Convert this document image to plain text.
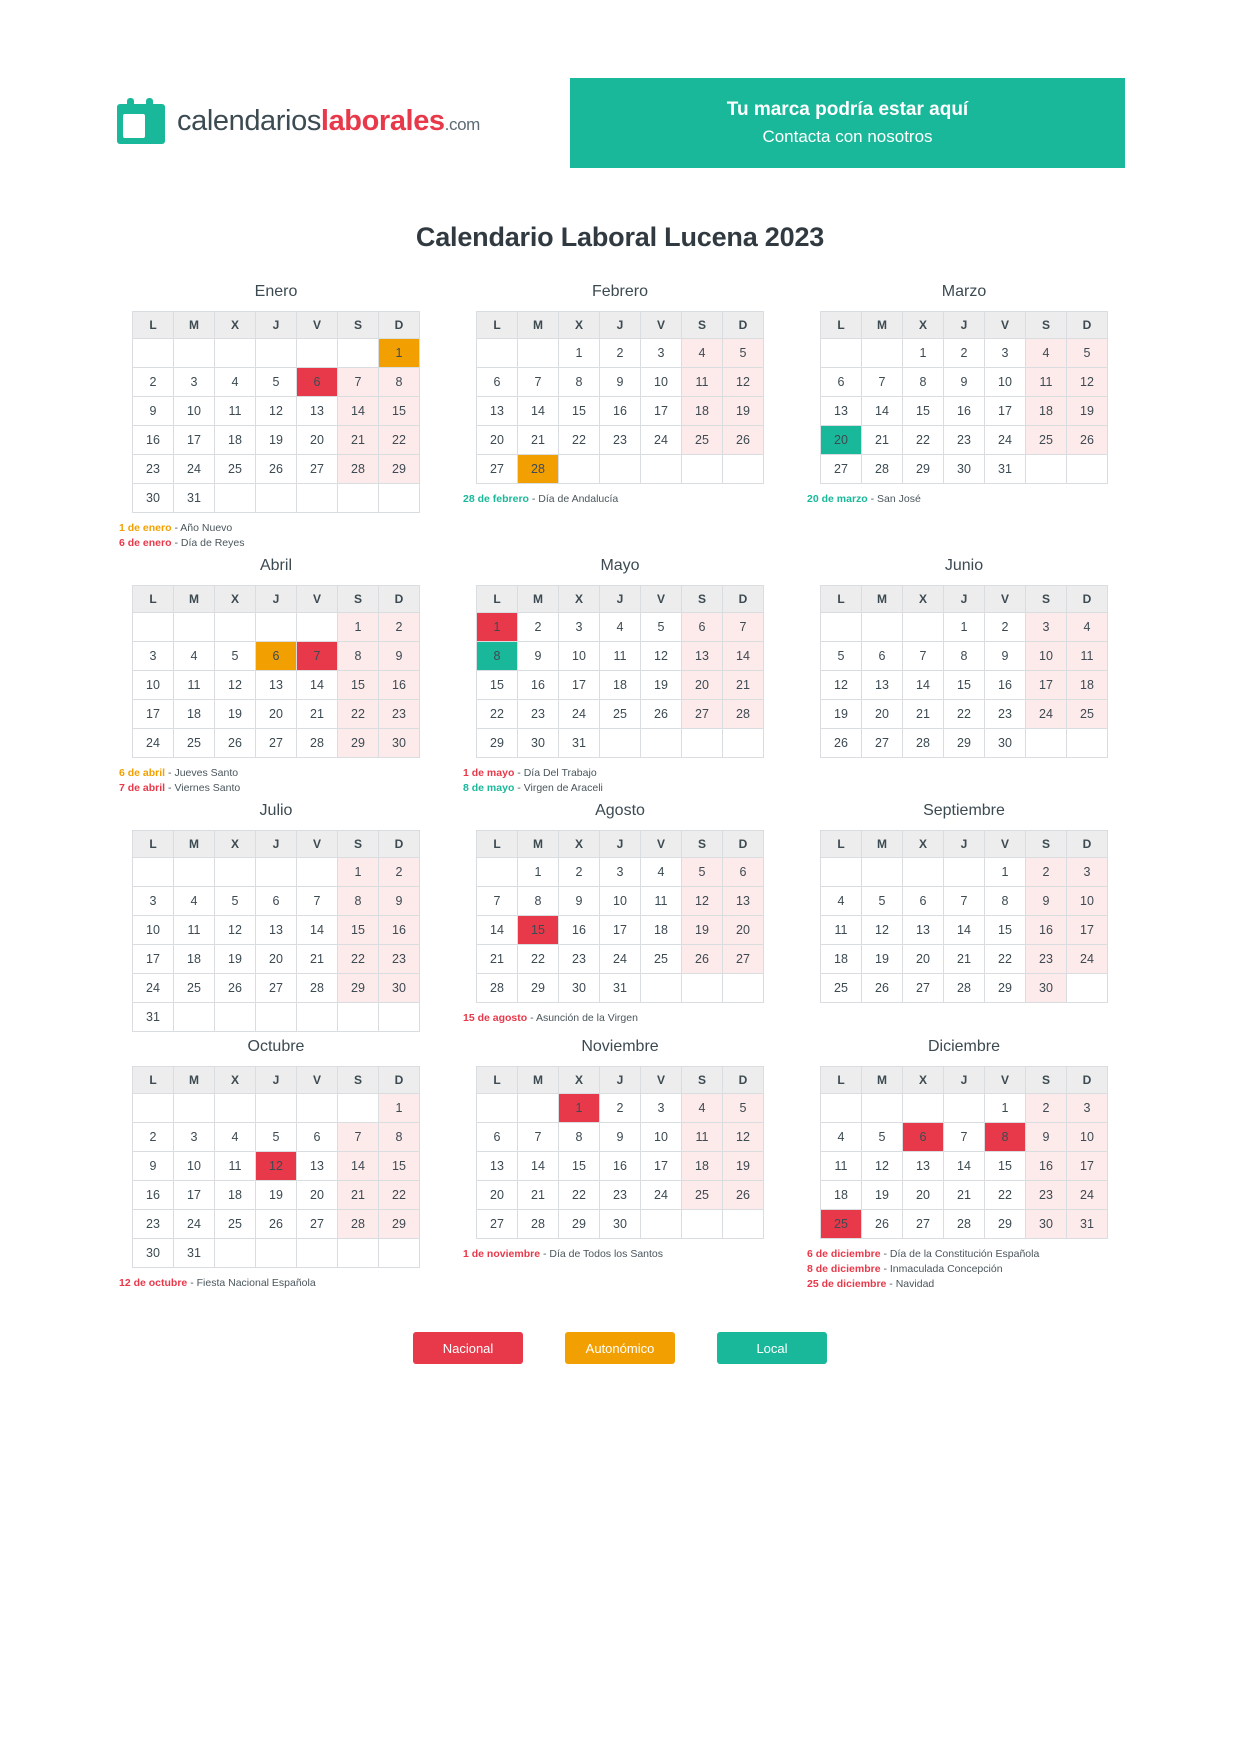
calendarioslaborales.com
Tu marca podría estar aquí
Contacta con nosotros
Calendario Laboral Lucena 2023
Enero
L	M	X	J	V	S	D
						1
2	3	4	5	6	7	8
9	10	11	12	13	14	15
16	17	18	19	20	21	22
23	24	25	26	27	28	29
30	31					
1 de enero - Año Nuevo
6 de enero - Día de Reyes
Febrero
L	M	X	J	V	S	D
		1	2	3	4	5
6	7	8	9	10	11	12
13	14	15	16	17	18	19
20	21	22	23	24	25	26
27	28					
28 de febrero - Día de Andalucía
Marzo
L	M	X	J	V	S	D
		1	2	3	4	5
6	7	8	9	10	11	12
13	14	15	16	17	18	19
20	21	22	23	24	25	26
27	28	29	30	31		
20 de marzo - San José
Abril
L	M	X	J	V	S	D
					1	2
3	4	5	6	7	8	9
10	11	12	13	14	15	16
17	18	19	20	21	22	23
24	25	26	27	28	29	30
6 de abril - Jueves Santo
7 de abril - Viernes Santo
Mayo
L	M	X	J	V	S	D
1	2	3	4	5	6	7
8	9	10	11	12	13	14
15	16	17	18	19	20	21
22	23	24	25	26	27	28
29	30	31				
1 de mayo - Día Del Trabajo
8 de mayo - Virgen de Araceli
Junio
L	M	X	J	V	S	D
			1	2	3	4
5	6	7	8	9	10	11
12	13	14	15	16	17	18
19	20	21	22	23	24	25
26	27	28	29	30		
Julio
L	M	X	J	V	S	D
					1	2
3	4	5	6	7	8	9
10	11	12	13	14	15	16
17	18	19	20	21	22	23
24	25	26	27	28	29	30
31						
Agosto
L	M	X	J	V	S	D
	1	2	3	4	5	6
7	8	9	10	11	12	13
14	15	16	17	18	19	20
21	22	23	24	25	26	27
28	29	30	31			
15 de agosto - Asunción de la Virgen
Septiembre
L	M	X	J	V	S	D
				1	2	3
4	5	6	7	8	9	10
11	12	13	14	15	16	17
18	19	20	21	22	23	24
25	26	27	28	29	30	
Octubre
L	M	X	J	V	S	D
						1
2	3	4	5	6	7	8
9	10	11	12	13	14	15
16	17	18	19	20	21	22
23	24	25	26	27	28	29
30	31					
12 de octubre - Fiesta Nacional Española
Noviembre
L	M	X	J	V	S	D
		1	2	3	4	5
6	7	8	9	10	11	12
13	14	15	16	17	18	19
20	21	22	23	24	25	26
27	28	29	30			
1 de noviembre - Día de Todos los Santos
Diciembre
L	M	X	J	V	S	D
				1	2	3
4	5	6	7	8	9	10
11	12	13	14	15	16	17
18	19	20	21	22	23	24
25	26	27	28	29	30	31
6 de diciembre - Día de la Constitución Española
8 de diciembre - Inmaculada Concepción
25 de diciembre - Navidad
Nacional	Autonómico	Local
